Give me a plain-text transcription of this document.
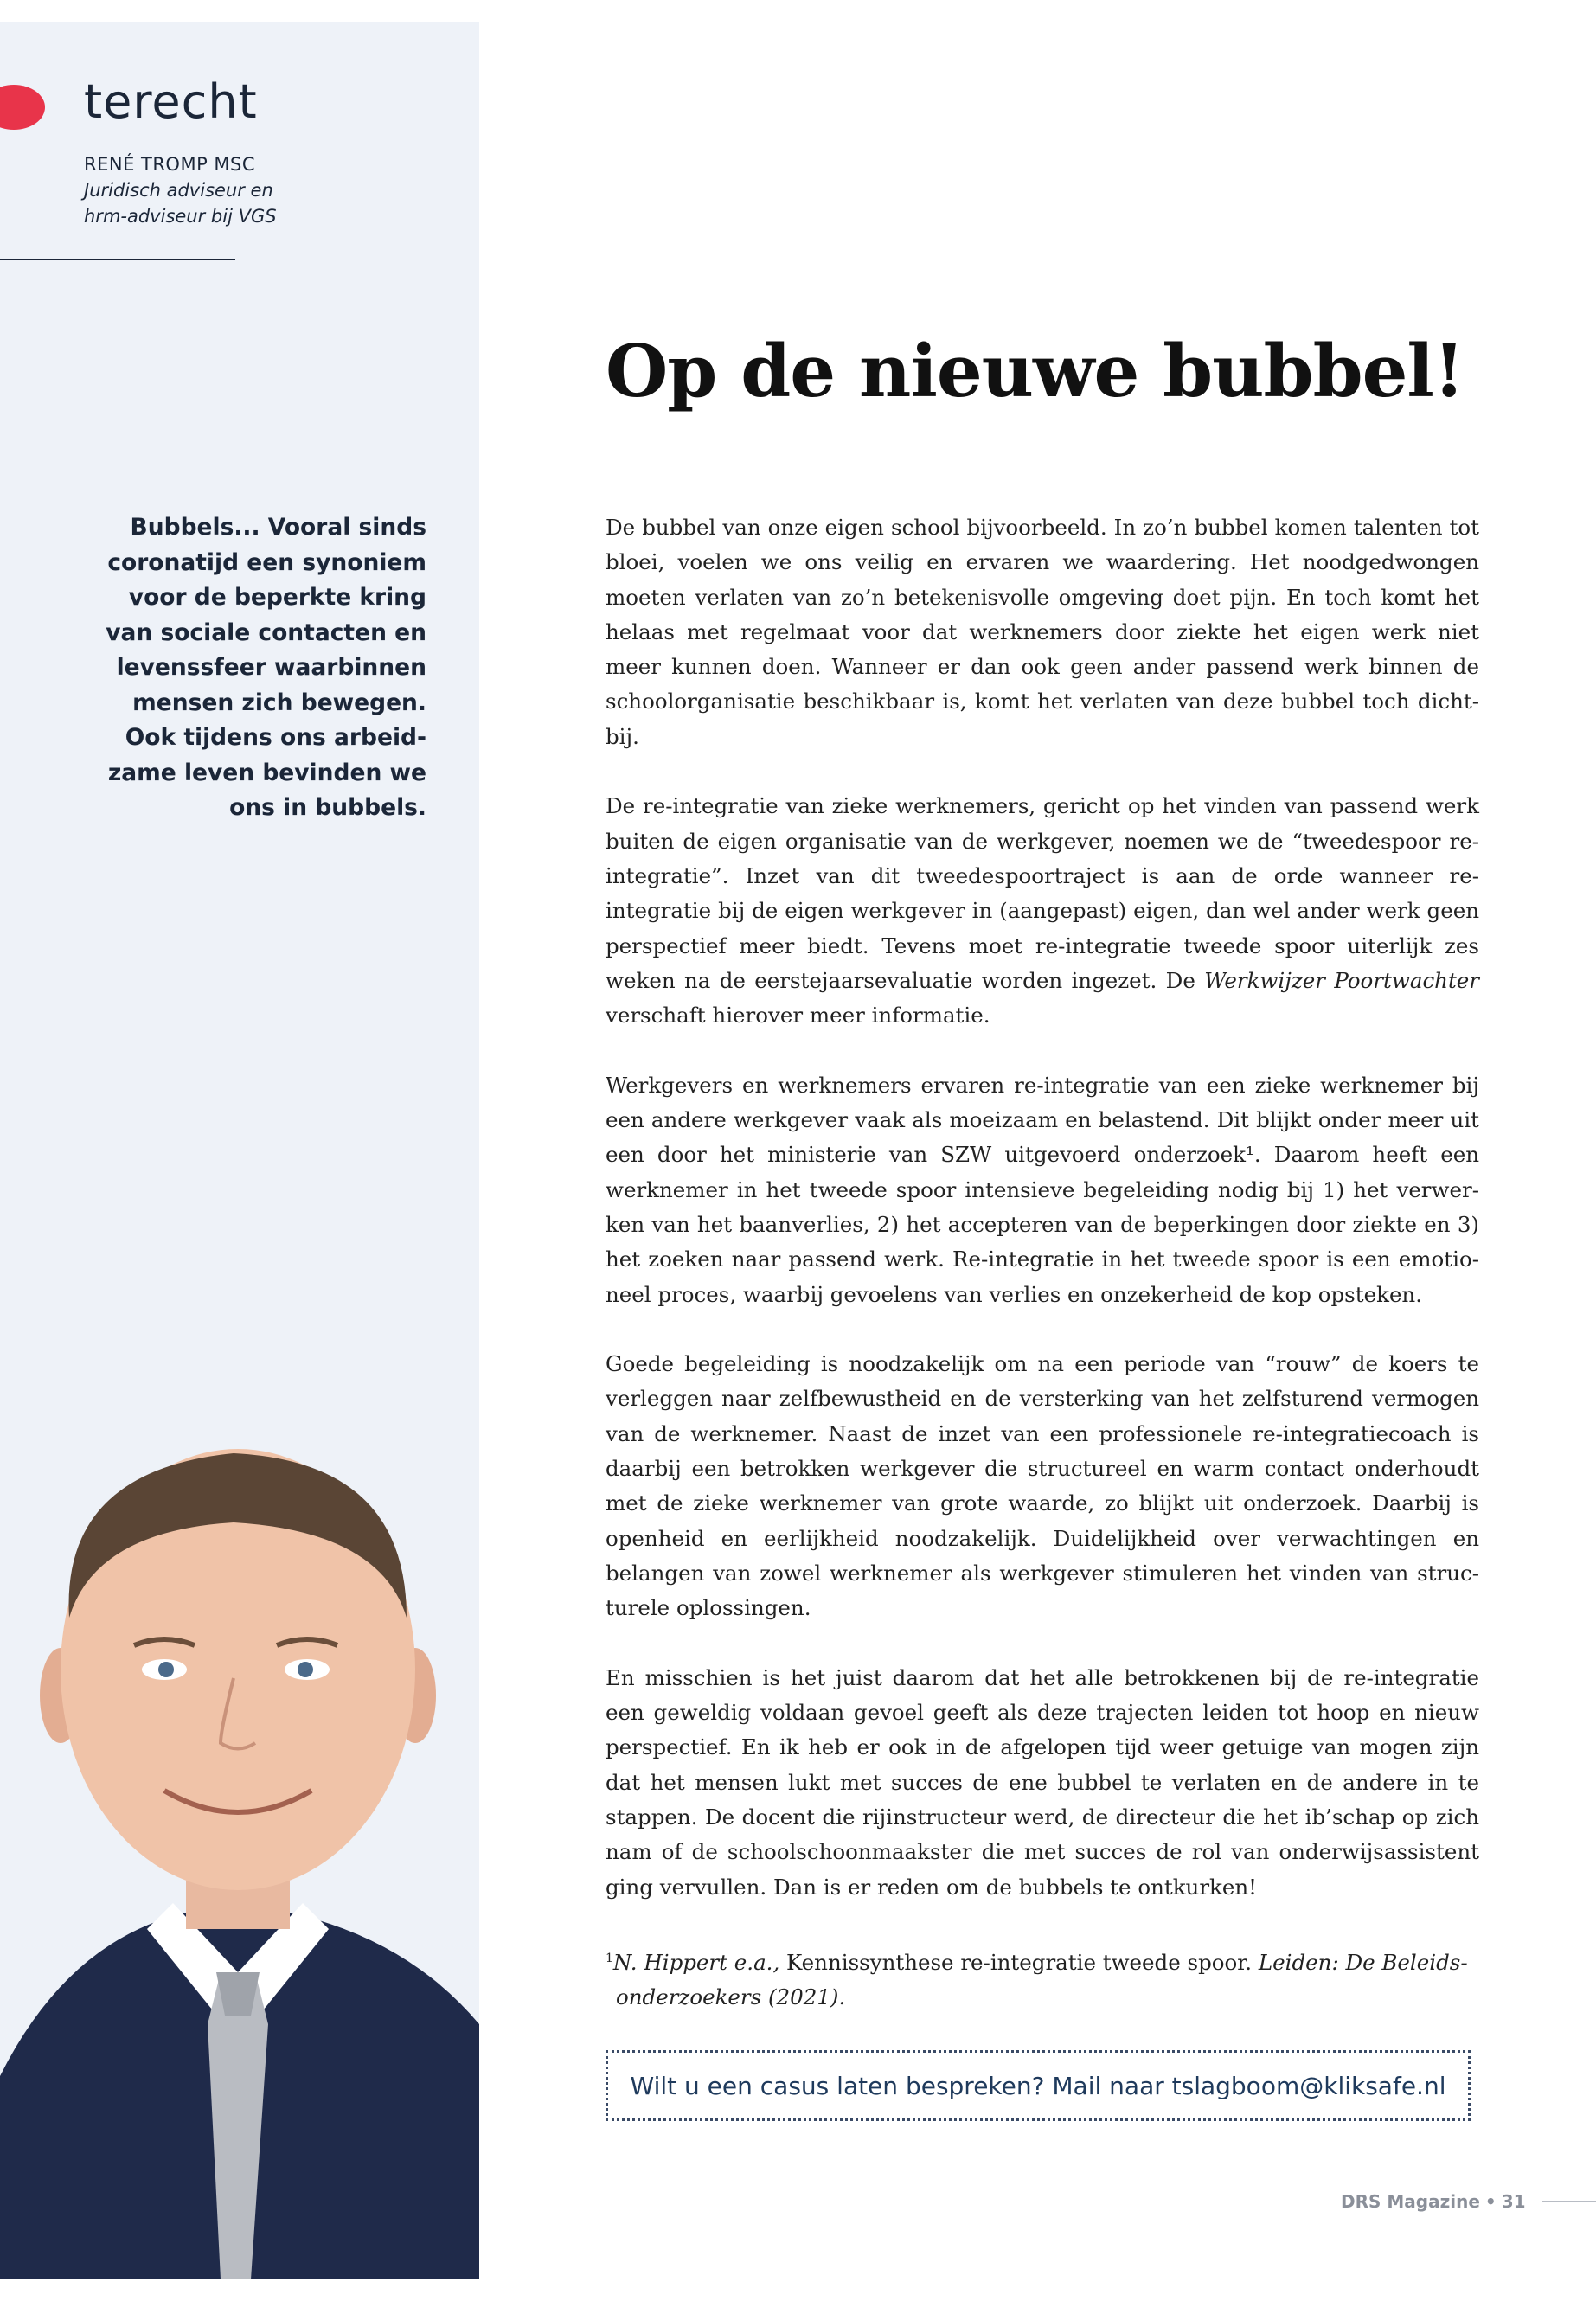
terecht
RENÉ TROMP MSC
Juridisch adviseur en
hrm-adviseur bij VGS
Op de nieuwe bubbel!

Bubbels... Vooral sinds coronatijd een synoniem voor de beperkte kring van sociale contacten en levenssfeer waarbinnen mensen zich bewegen. Ook tijdens ons arbeidzame leven bevinden we ons in bubbels.

De bubbel van onze eigen school bijvoorbeeld. In zo’n bubbel komen talenten tot bloei, voelen we ons veilig en ervaren we waardering. Het noodgedwongen moeten verlaten van zo’n betekenisvolle omgeving doet pijn. En toch komt het helaas met regelmaat voor dat werknemers door ziekte het eigen werk niet meer kunnen doen. Wanneer er dan ook geen ander passend werk binnen de schoolorganisatie beschikbaar is, komt het verlaten van deze bubbel toch dichtbij.

De re-integratie van zieke werknemers, gericht op het vinden van passend werk buiten de eigen organisatie van de werkgever, noemen we de “tweedespoor re-integratie”. Inzet van dit tweedespoortraject is aan de orde wanneer re-integratie bij de eigen werkgever in (aangepast) eigen, dan wel ander werk geen perspectief meer biedt. Tevens moet re-integratie tweede spoor uiterlijk zes weken na de eerstejaarsevaluatie worden ingezet. De Werkwijzer Poortwachter verschaft hierover meer informatie.

Werkgevers en werknemers ervaren re-integratie van een zieke werknemer bij een andere werkgever vaak als moeizaam en belastend. Dit blijkt onder meer uit een door het ministerie van SZW uitgevoerd onderzoek¹. Daarom heeft een werknemer in het tweede spoor intensieve begeleiding nodig bij 1) het verwerken van het baanverlies, 2) het accepteren van de beperkingen door ziekte en 3) het zoeken naar passend werk. Re-integratie in het tweede spoor is een emotioneel proces, waarbij gevoelens van verlies en onzekerheid de kop opsteken.

Goede begeleiding is noodzakelijk om na een periode van “rouw” de koers te verleggen naar zelfbewustheid en de versterking van het zelfsturend vermogen van de werknemer. Naast de inzet van een professionele re-integratiecoach is daarbij een betrokken werkgever die structureel en warm contact onderhoudt met de zieke werknemer van grote waarde, zo blijkt uit onderzoek. Daarbij is openheid en eerlijkheid noodzakelijk. Duidelijkheid over verwachtingen en belangen van zowel werknemer als werkgever stimuleren het vinden van structurele oplossingen.

En misschien is het juist daarom dat het alle betrokkenen bij de re-integratie een geweldig voldaan gevoel geeft als deze trajecten leiden tot hoop en nieuw perspectief. En ik heb er ook in de afgelopen tijd weer getuige van mogen zijn dat het mensen lukt met succes de ene bubbel te verlaten en de andere in te stappen. De docent die rijinstructeur werd, de directeur die het ib’schap op zich nam of de schoolschoonmaakster die met succes de rol van onderwijsassistent ging vervullen. Dan is er reden om de bubbels te ontkurken!

$^1$N. Hippert e.a., Kennissynthese re-integratie tweede spoor. Leiden: De Beleids-
onderzoekers (2021).

Wilt u een casus laten bespreken? Mail naar tslagboom@kliksafe.nl
DRS Magazine • 31
